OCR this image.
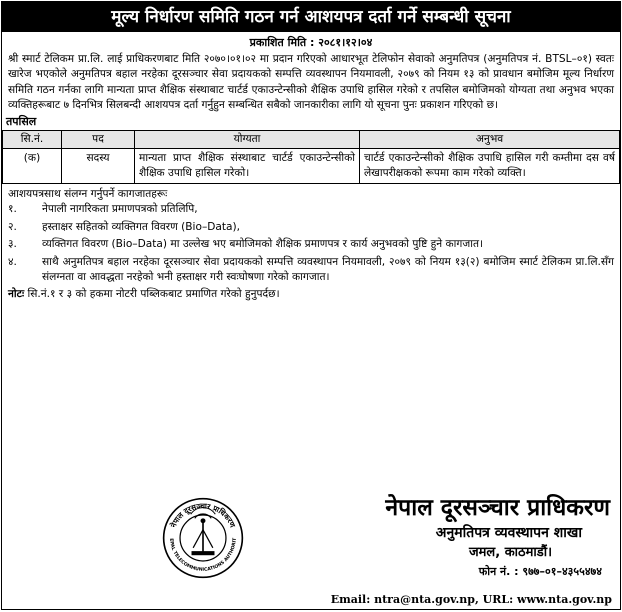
मूल्य निर्धारण समिति गठन गर्न आशयपत्र दर्ता गर्ने सम्बन्धी सूचना
प्रकाशित मिति : २०८१।१२।०४
श्री स्मार्ट टेलिकम प्रा.लि. लाई प्राधिकरणबाट मिति २०७०।०१।०२ मा प्रदान गरिएको आधारभूत टेलिफोन सेवाको अनुमतिपत्र (अनुमतिपत्र नं. BTSL–०१) स्वतः खारेज भएकोले अनुमतिपत्र बहाल नरहेका दूरसञ्चार सेवा प्रदायकको सम्पत्ति व्यवस्थापन नियमावली, २०७९ को नियम १३ को प्रावधान बमोजिम मूल्य निर्धारण समिति गठन गर्नका लागि मान्यता प्राप्त शैक्षिक संस्थाबाट चार्टर्ड एकाउन्टेन्सीको शैक्षिक उपाधि हासिल गरेको र तपसिल बमोजिमको योग्यता तथा अनुभव भएका व्यक्तिहरूबाट ७ दिनभित्र सिलबन्दी आशयपत्र दर्ता गर्नुहुन सम्बन्धित सबैको जानकारीका लागि यो सूचना पुनः प्रकाशन गरिएको छ।
तपसिल
सि.नं.	पद	योग्यता	अनुभव
(क)	सदस्य	मान्यता प्राप्त शैक्षिक संस्थाबाट चार्टर्ड एकाउन्टेन्सीको शैक्षिक उपाधि हासिल गरेको।	चार्टर्ड एकाउन्टेन्सीको शैक्षिक उपाधि हासिल गरी कम्तीमा दस वर्ष लेखापरीक्षकको रूपमा काम गरेको व्यक्ति।
आशयपत्रसाथ संलग्न गर्नुपर्ने कागजातहरूः
१.	नेपाली नागरिकता प्रमाणपत्रको प्रतिलिपि,
२.	हस्ताक्षर सहितको व्यक्तिगत विवरण (Bio–Data),
३.	व्यक्तिगत विवरण (Bio–Data) मा उल्लेख भए बमोजिमको शैक्षिक प्रमाणपत्र र कार्य अनुभवको पुष्टि हुने कागजात।
४.	साथै अनुमतिपत्र बहाल नरहेका दूरसञ्चार सेवा प्रदायकको सम्पत्ति व्यवस्थापन नियमावली, २०७९ को नियम १३(२) बमोजिम स्मार्ट टेलिकम प्रा.लि.सँग संलग्नता वा आवद्धता नरहेको भनी हस्ताक्षर गरी स्वःघोषणा गरेको कागजात।
नोटः सि.नं.१ र ३ को हकमा नोटरी पब्लिकबाट प्रमाणित गरेको हुनुपर्दछ।
नेपाल दूरसञ्चार प्राधिकरण
EPAL TELECOMMUNICATIONS AUTHORIT
नेपाल दूरसञ्चार प्राधिकरण
अनुमतिपत्र व्यवस्थापन शाखा
जमल, काठमाडौं।
फोन नं. : ९७७–०१–४३५५४७४
Email: ntra@nta.gov.np, URL: www.nta.gov.np
